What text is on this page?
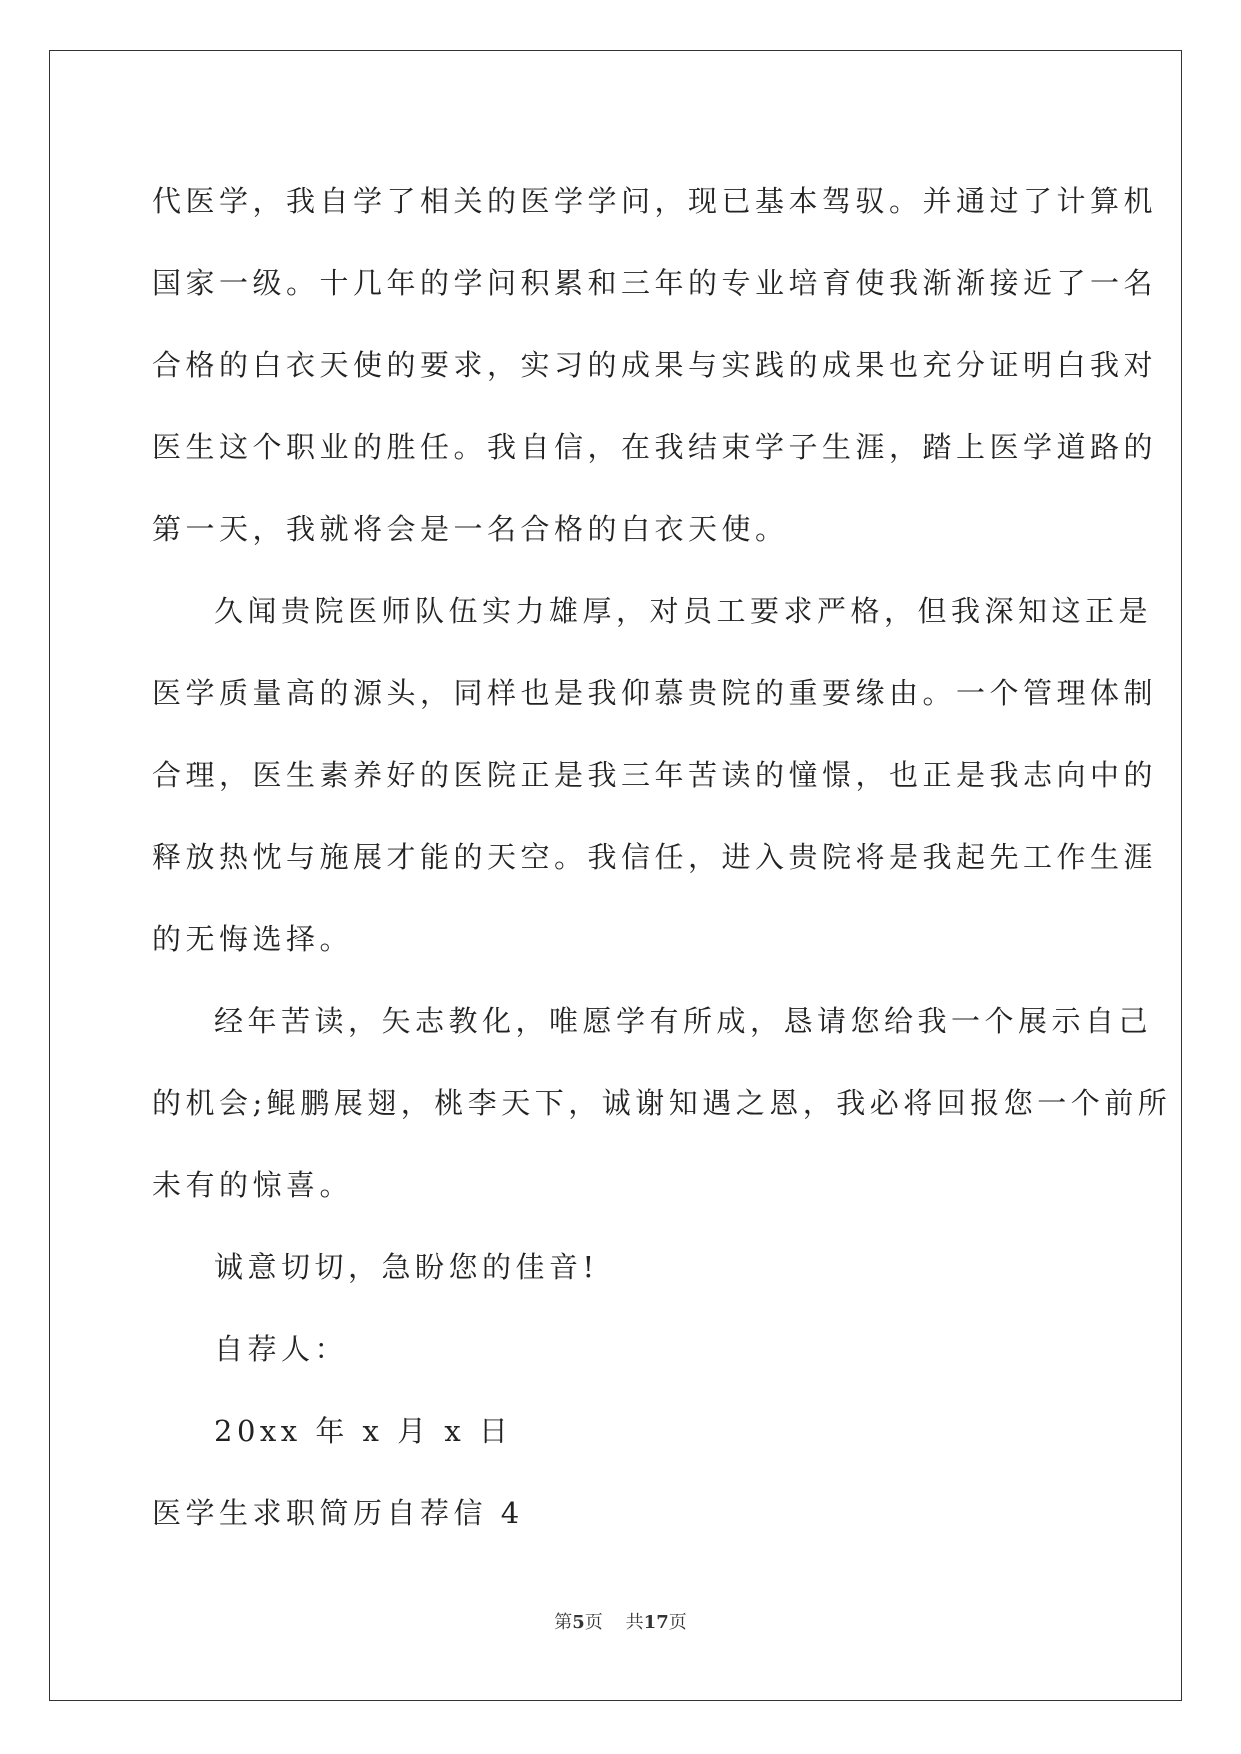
代医学，我自学了相关的医学学问，现已基本驾驭。并通过了计算机
国家一级。十几年的学问积累和三年的专业培育使我渐渐接近了一名
合格的白衣天使的要求，实习的成果与实践的成果也充分证明白我对
医生这个职业的胜任。我自信，在我结束学子生涯，踏上医学道路的
第一天，我就将会是一名合格的白衣天使。
久闻贵院医师队伍实力雄厚，对员工要求严格，但我深知这正是
医学质量高的源头，同样也是我仰慕贵院的重要缘由。一个管理体制
合理，医生素养好的医院正是我三年苦读的憧憬，也正是我志向中的
释放热忱与施展才能的天空。我信任，进入贵院将是我起先工作生涯
的无悔选择。
经年苦读，矢志教化，唯愿学有所成，恳请您给我一个展示自己
的机会;鲲鹏展翅，桃李天下，诚谢知遇之恩，我必将回报您一个前所
未有的惊喜。
诚意切切，急盼您的佳音!
自荐人：
20xx 年 x 月 x 日
医学生求职简历自荐信 4
第5页 共17页
